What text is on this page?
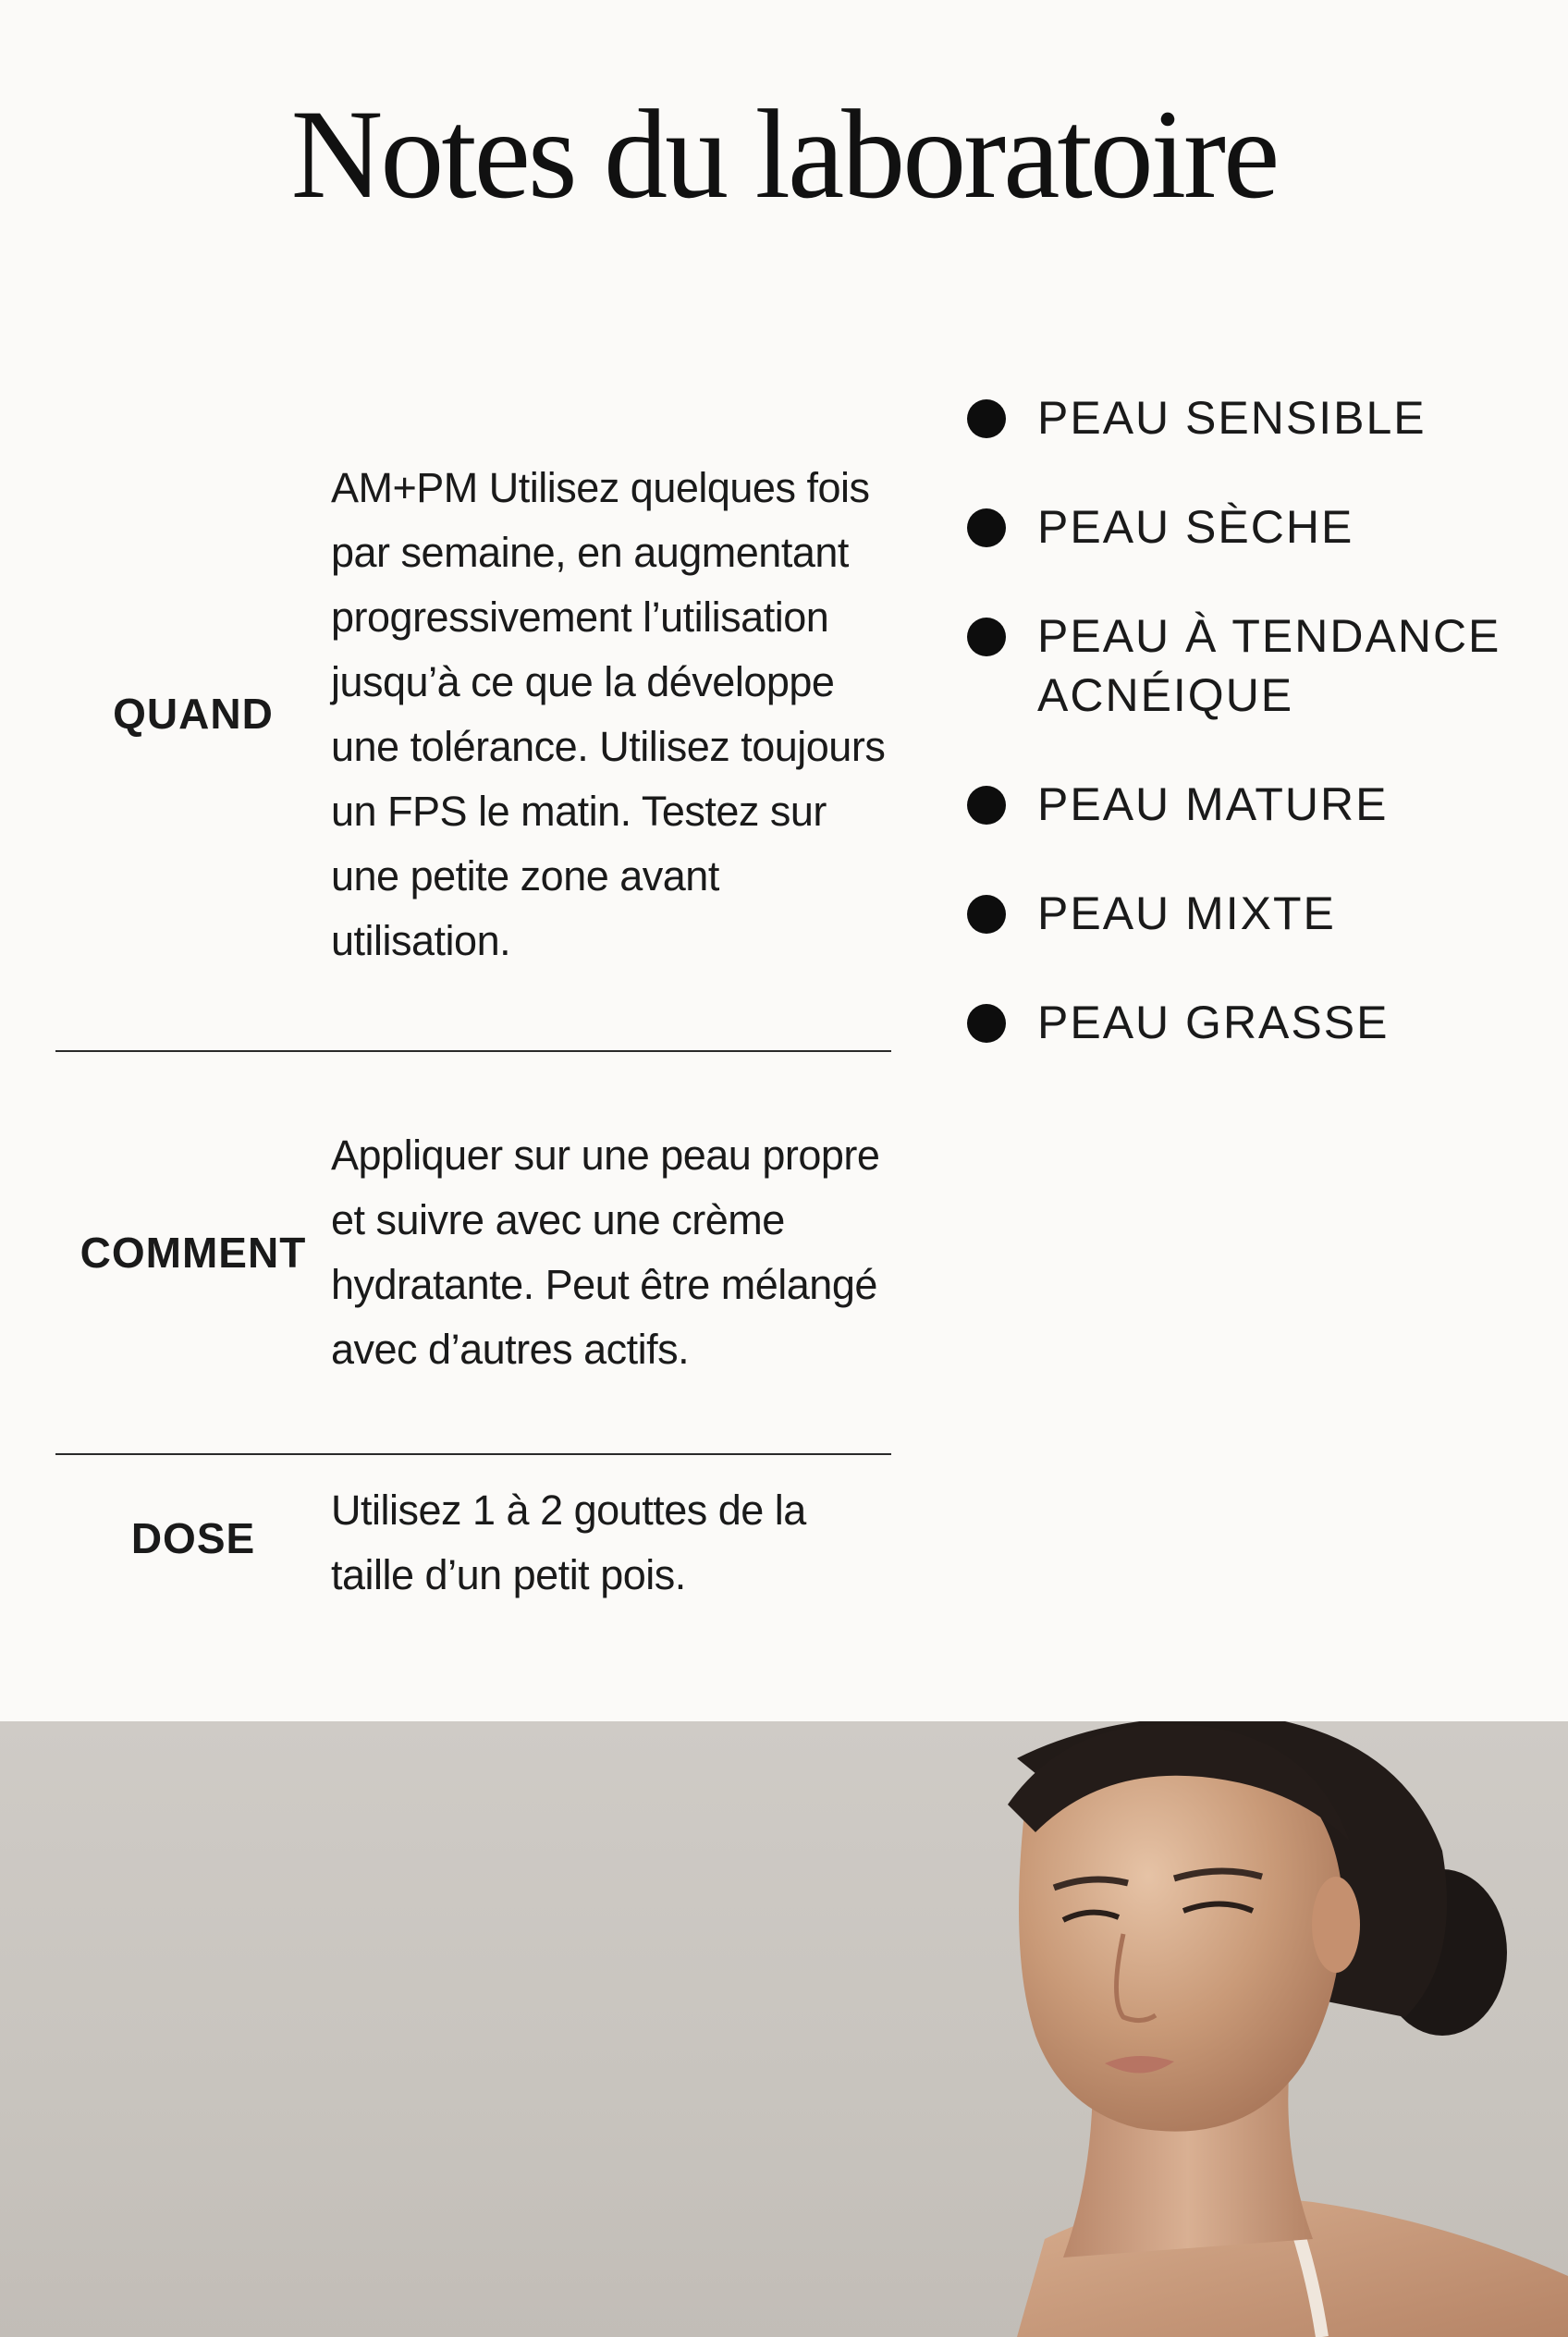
Notes du laboratoire
QUAND
AM+PM Utilisez quelques fois par semaine, en augmentant progressivement l’utilisation jusqu’à ce que la développe une tolérance. Utilisez toujours un FPS le matin. Testez sur une petite zone avant utilisation.
COMMENT
Appliquer sur une peau propre et suivre avec une crème hydratante. Peut être mélangé avec d’autres actifs.
DOSE
Utilisez 1 à 2 gouttes de la taille d’un petit pois.
PEAU SENSIBLE
PEAU SÈCHE
PEAU À TENDANCE ACNÉIQUE
PEAU MATURE
PEAU MIXTE
PEAU GRASSE
